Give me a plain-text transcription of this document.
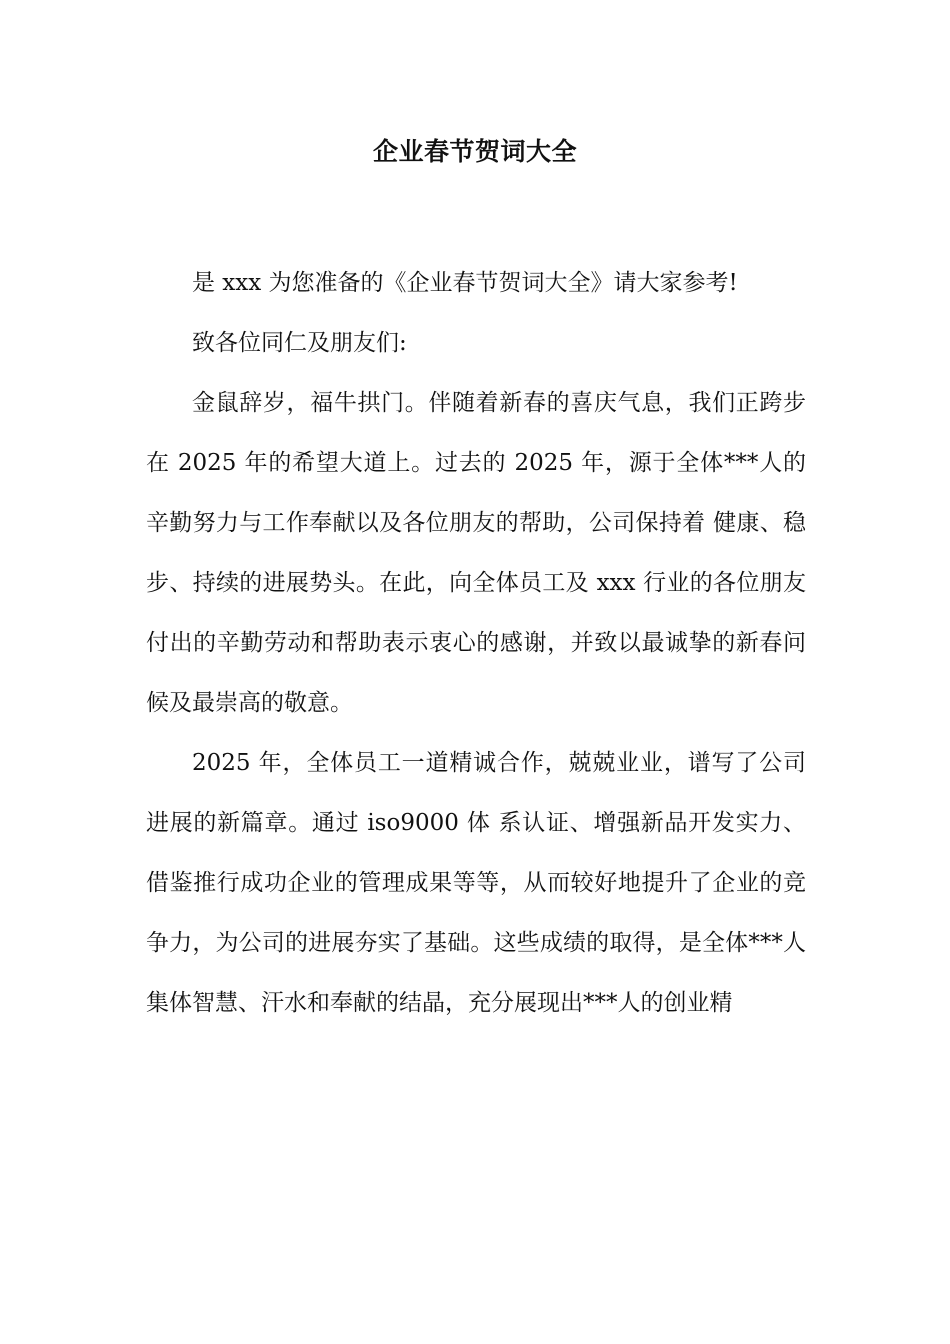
企业春节贺词大全

是 xxx 为您准备的《企业春节贺词大全》请大家参考!

致各位同仁及朋友们:

金鼠辞岁，福牛拱门。伴随着新春的喜庆气息，我们正跨步在 2025 年的希望大道上。过去的 2025 年，源于全体***人的辛勤努力与工作奉献以及各位朋友的帮助，公司保持着 健康、稳步、持续的进展势头。在此，向全体员工及 xxx 行业的各位朋友付出的辛勤劳动和帮助表示衷心的感谢，并致以最诚挚的新春问候及最崇高的敬意。

2025 年，全体员工一道精诚合作，兢兢业业，谱写了公司进展的新篇章。通过 iso9000 体 系认证、增强新品开发实力、借鉴推行成功企业的管理成果等等，从而较好地提升了企业的竞争力，为公司的进展夯实了基础。这些成绩的取得，是全体***人集体智慧、汗水和奉献的结晶，充分展现出***人的创业精
